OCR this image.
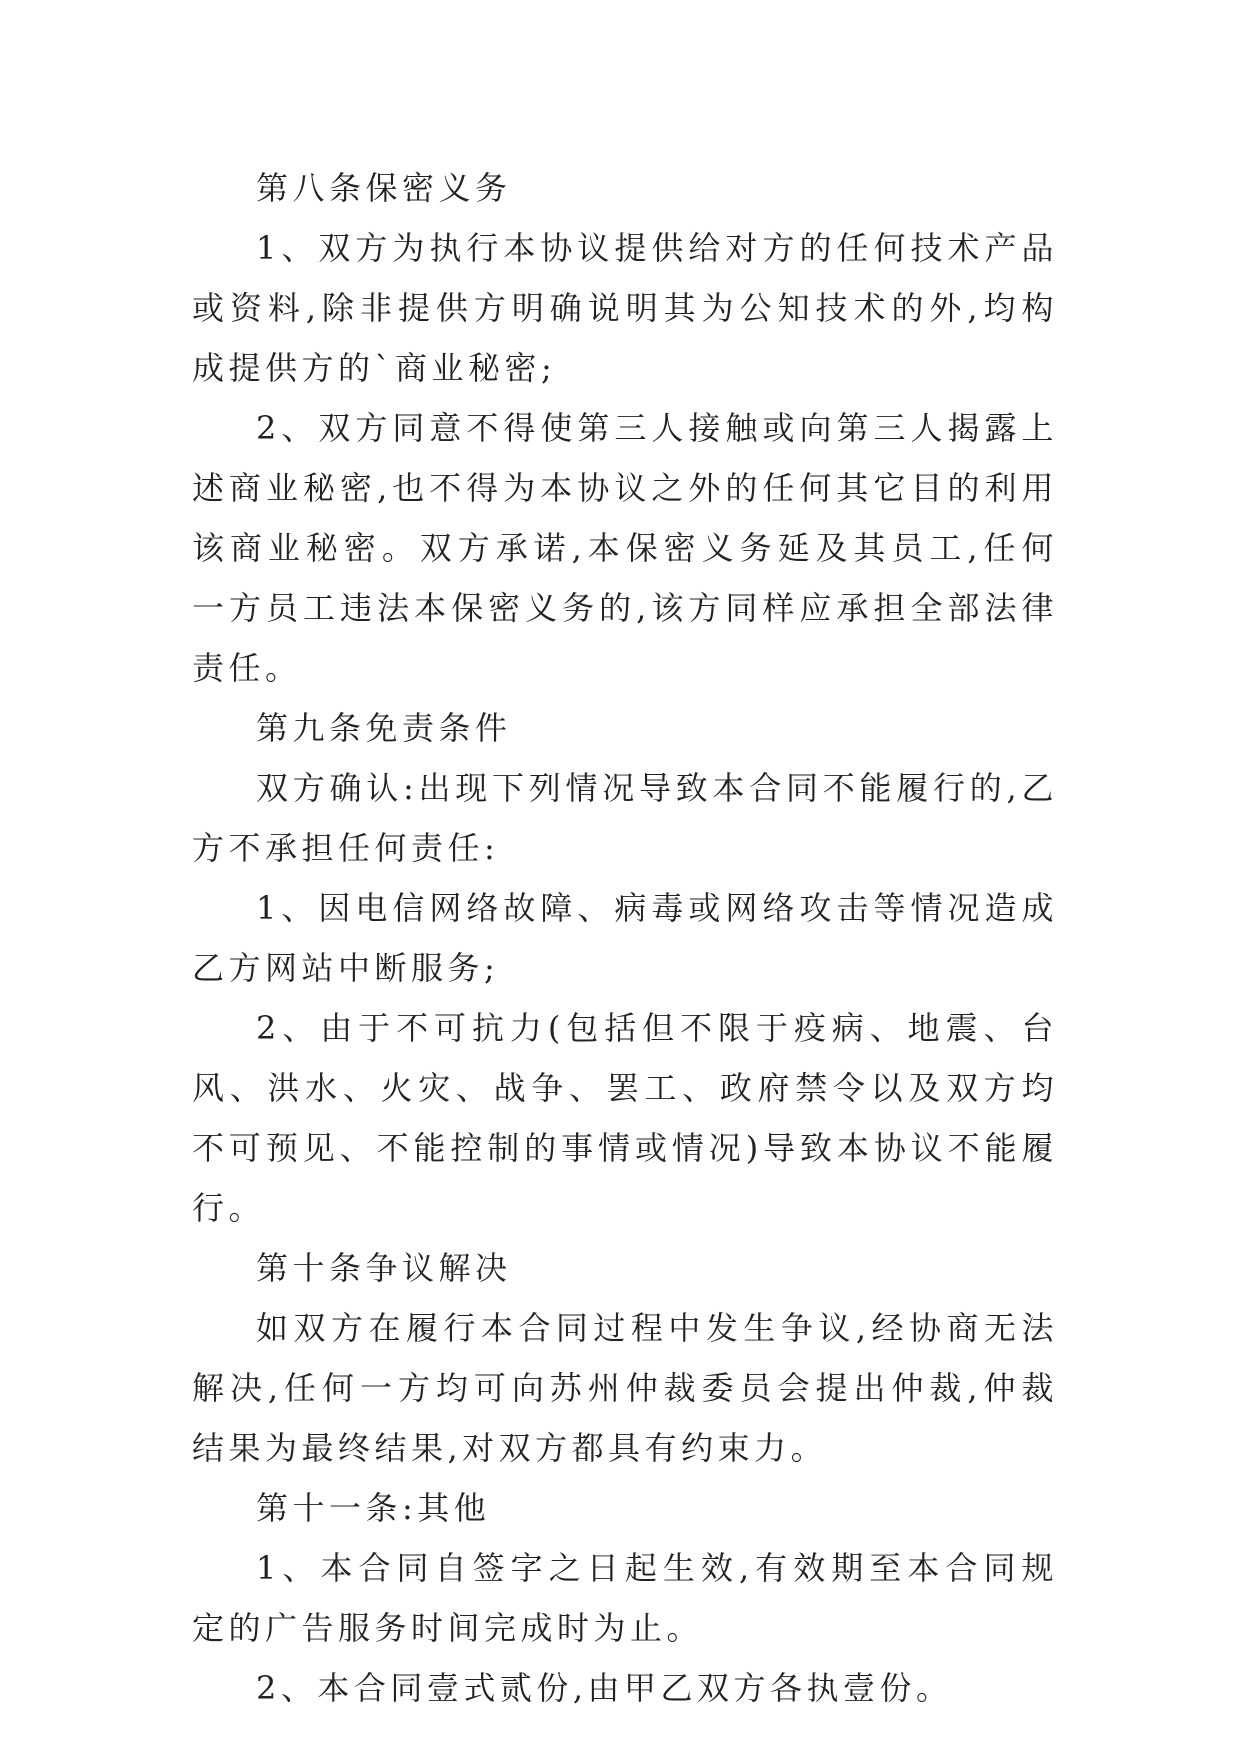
第八条保密义务

1、双方为执行本协议提供给对方的任何技术产品或资料,除非提供方明确说明其为公知技术的外,均构成提供方的`商业秘密;

2、双方同意不得使第三人接触或向第三人揭露上述商业秘密,也不得为本协议之外的任何其它目的利用该商业秘密。双方承诺,本保密义务延及其员工,任何一方员工违法本保密义务的,该方同样应承担全部法律责任。

第九条免责条件

双方确认:出现下列情况导致本合同不能履行的,乙方不承担任何责任:

1、因电信网络故障、病毒或网络攻击等情况造成乙方网站中断服务;

2、由于不可抗力(包括但不限于疫病、地震、台风、洪水、火灾、战争、罢工、政府禁令以及双方均不可预见、不能控制的事情或情况)导致本协议不能履行。

第十条争议解决

如双方在履行本合同过程中发生争议,经协商无法解决,任何一方均可向苏州仲裁委员会提出仲裁,仲裁结果为最终结果,对双方都具有约束力。

第十一条:其他

1、本合同自签字之日起生效,有效期至本合同规定的广告服务时间完成时为止。

2、本合同壹式贰份,由甲乙双方各执壹份。
